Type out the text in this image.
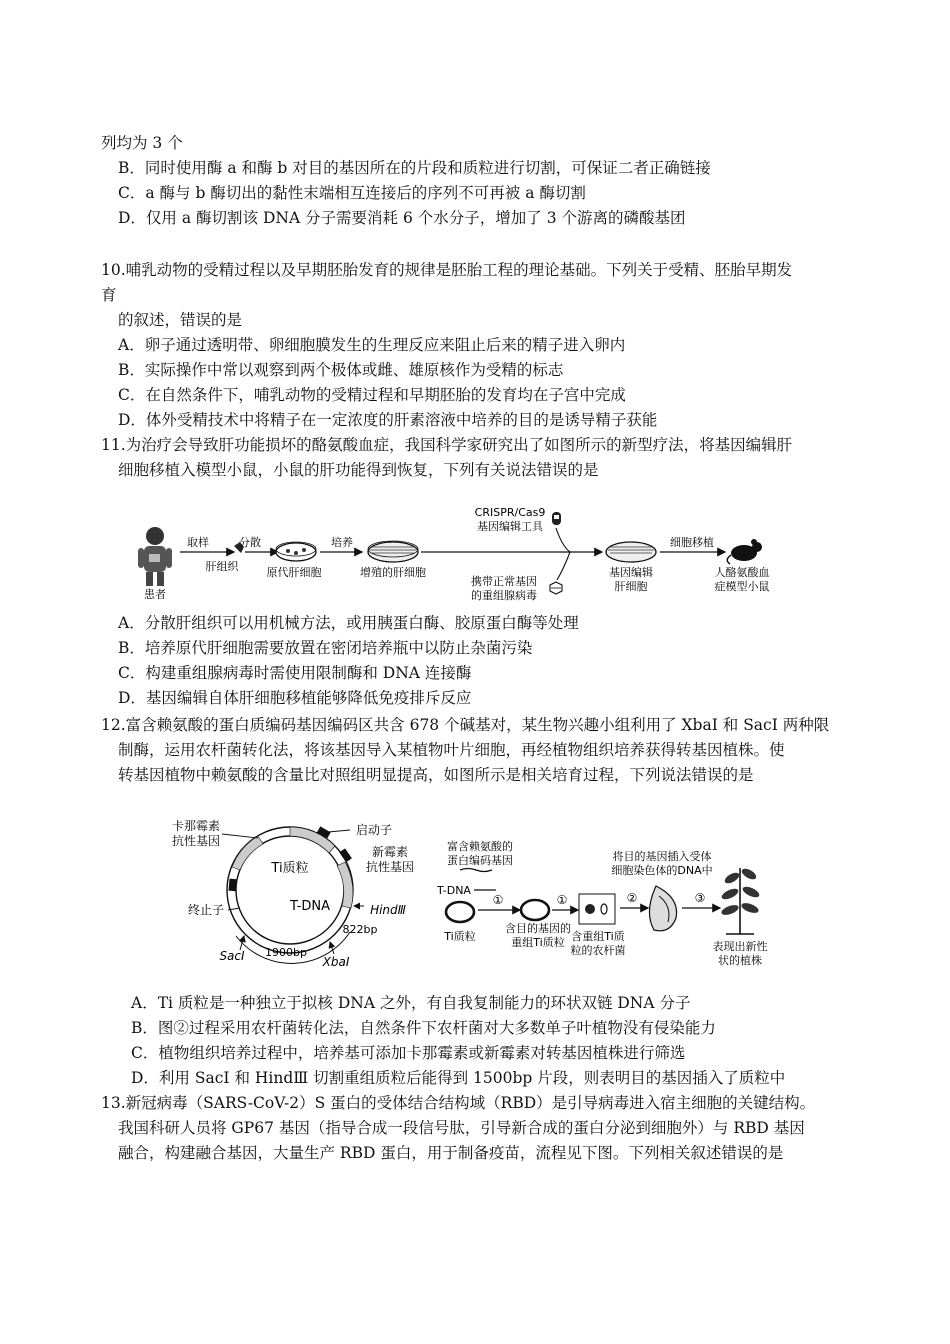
列均为 3 个
B．同时使用酶 a 和酶 b 对目的基因所在的片段和质粒进行切割，可保证二者正确链接
C．a 酶与 b 酶切出的黏性末端相互连接后的序列不可再被 a 酶切割
D．仅用 a 酶切割该 DNA 分子需要消耗 6 个水分子，增加了 3 个游离的磷酸基团
10.哺乳动物的受精过程以及早期胚胎发育的规律是胚胎工程的理论基础。下列关于受精、胚胎早期发
育
的叙述，错误的是
A．卵子通过透明带、卵细胞膜发生的生理反应来阻止后来的精子进入卵内
B．实际操作中常以观察到两个极体或雌、雄原核作为受精的标志
C．在自然条件下，哺乳动物的受精过程和早期胚胎的发育均在子宫中完成
D．体外受精技术中将精子在一定浓度的肝素溶液中培养的目的是诱导精子获能
11.为治疗会导致肝功能损坏的酪氨酸血症，我国科学家研究出了如图所示的新型疗法，将基因编辑肝
细胞移植入模型小鼠，小鼠的肝功能得到恢复，下列有关说法错误的是
患者
取样
肝组织
分散
原代肝细胞
培养
增殖的肝细胞
CRISPR/Cas9
基因编辑工具
携带正常基因
的重组腺病毒
基因编辑
肝细胞
细胞移植
人酪氨酸血
症模型小鼠
A．分散肝组织可以用机械方法，或用胰蛋白酶、胶原蛋白酶等处理
B．培养原代肝细胞需要放置在密闭培养瓶中以防止杂菌污染
C．构建重组腺病毒时需使用限制酶和 DNA 连接酶
D．基因编辑自体肝细胞移植能够降低免疫排斥反应
12.富含赖氨酸的蛋白质编码基因编码区共含 678 个碱基对，某生物兴趣小组利用了 XbaI 和 SacI 两种限
制酶，运用农杆菌转化法，将该基因导入某植物叶片细胞，再经植物组织培养获得转基因植株。使
转基因植物中赖氨酸的含量比对照组明显提高，如图所示是相关培育过程，下列说法错误的是
卡那霉素
抗性基因
启动子
新霉素
抗性基因
Ti质粒
T-DNA
终止子	HindⅢ
822bp
1900bp
SacⅠ	XbaⅠ
富含赖氨酸的
蛋白编码基因
T-DNA
Ti质粒
①
含目的基因的
重组Ti质粒
①
含重组Ti质
粒的农杆菌
②
将目的基因插入受体
细胞染色体的DNA中
③
表现出新性
状的植株
A．Ti 质粒是一种独立于拟核 DNA 之外，有自我复制能力的环状双链 DNA 分子
B．图②过程采用农杆菌转化法，自然条件下农杆菌对大多数单子叶植物没有侵染能力
C．植物组织培养过程中，培养基可添加卡那霉素或新霉素对转基因植株进行筛选
D．利用 SacI 和 HindⅢ 切割重组质粒后能得到 1500bp 片段，则表明目的基因插入了质粒中
13.新冠病毒（SARS-CoV-2）S 蛋白的受体结合结构域（RBD）是引导病毒进入宿主细胞的关键结构。
我国科研人员将 GP67 基因（指导合成一段信号肽，引导新合成的蛋白分泌到细胞外）与 RBD 基因
融合，构建融合基因，大量生产 RBD 蛋白，用于制备疫苗，流程见下图。下列相关叙述错误的是
